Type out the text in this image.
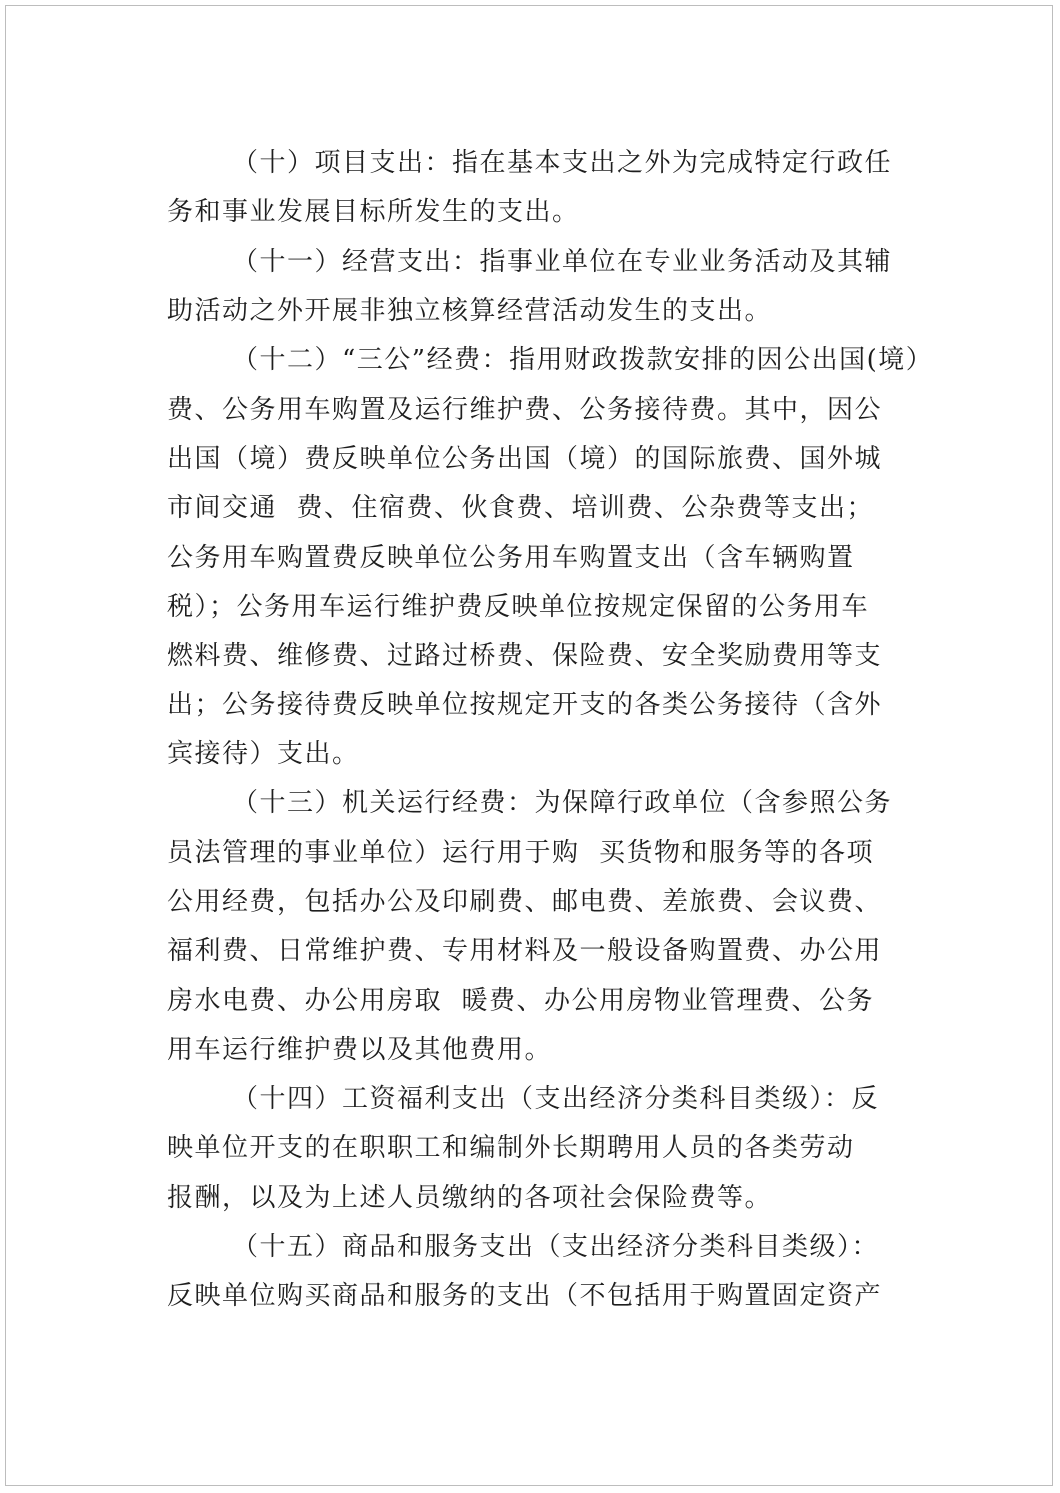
（十）项目支出：指在基本支出之外为完成特定行政任
务和事业发展目标所发生的支出。
（十一）经营支出：指事业单位在专业业务活动及其辅
助活动之外开展非独立核算经营活动发生的支出。
（十二）“三公”经费：指用财政拨款安排的因公出国(境）
费、公务用车购置及运行维护费、公务接待费。其中，因公
出国（境）费反映单位公务出国（境）的国际旅费、国外城
市间交通  费、住宿费、伙食费、培训费、公杂费等支出；
公务用车购置费反映单位公务用车购置支出（含车辆购置
税）；公务用车运行维护费反映单位按规定保留的公务用车
燃料费、维修费、过路过桥费、保险费、安全奖励费用等支
出；公务接待费反映单位按规定开支的各类公务接待（含外
宾接待）支出。
（十三）机关运行经费：为保障行政单位（含参照公务
员法管理的事业单位）运行用于购  买货物和服务等的各项
公用经费，包括办公及印刷费、邮电费、差旅费、会议费、
福利费、日常维护费、专用材料及一般设备购置费、办公用
房水电费、办公用房取  暖费、办公用房物业管理费、公务
用车运行维护费以及其他费用。
（十四）工资福利支出（支出经济分类科目类级）：反
映单位开支的在职职工和编制外长期聘用人员的各类劳动
报酬，以及为上述人员缴纳的各项社会保险费等。
（十五）商品和服务支出（支出经济分类科目类级）：
反映单位购买商品和服务的支出（不包括用于购置固定资产
